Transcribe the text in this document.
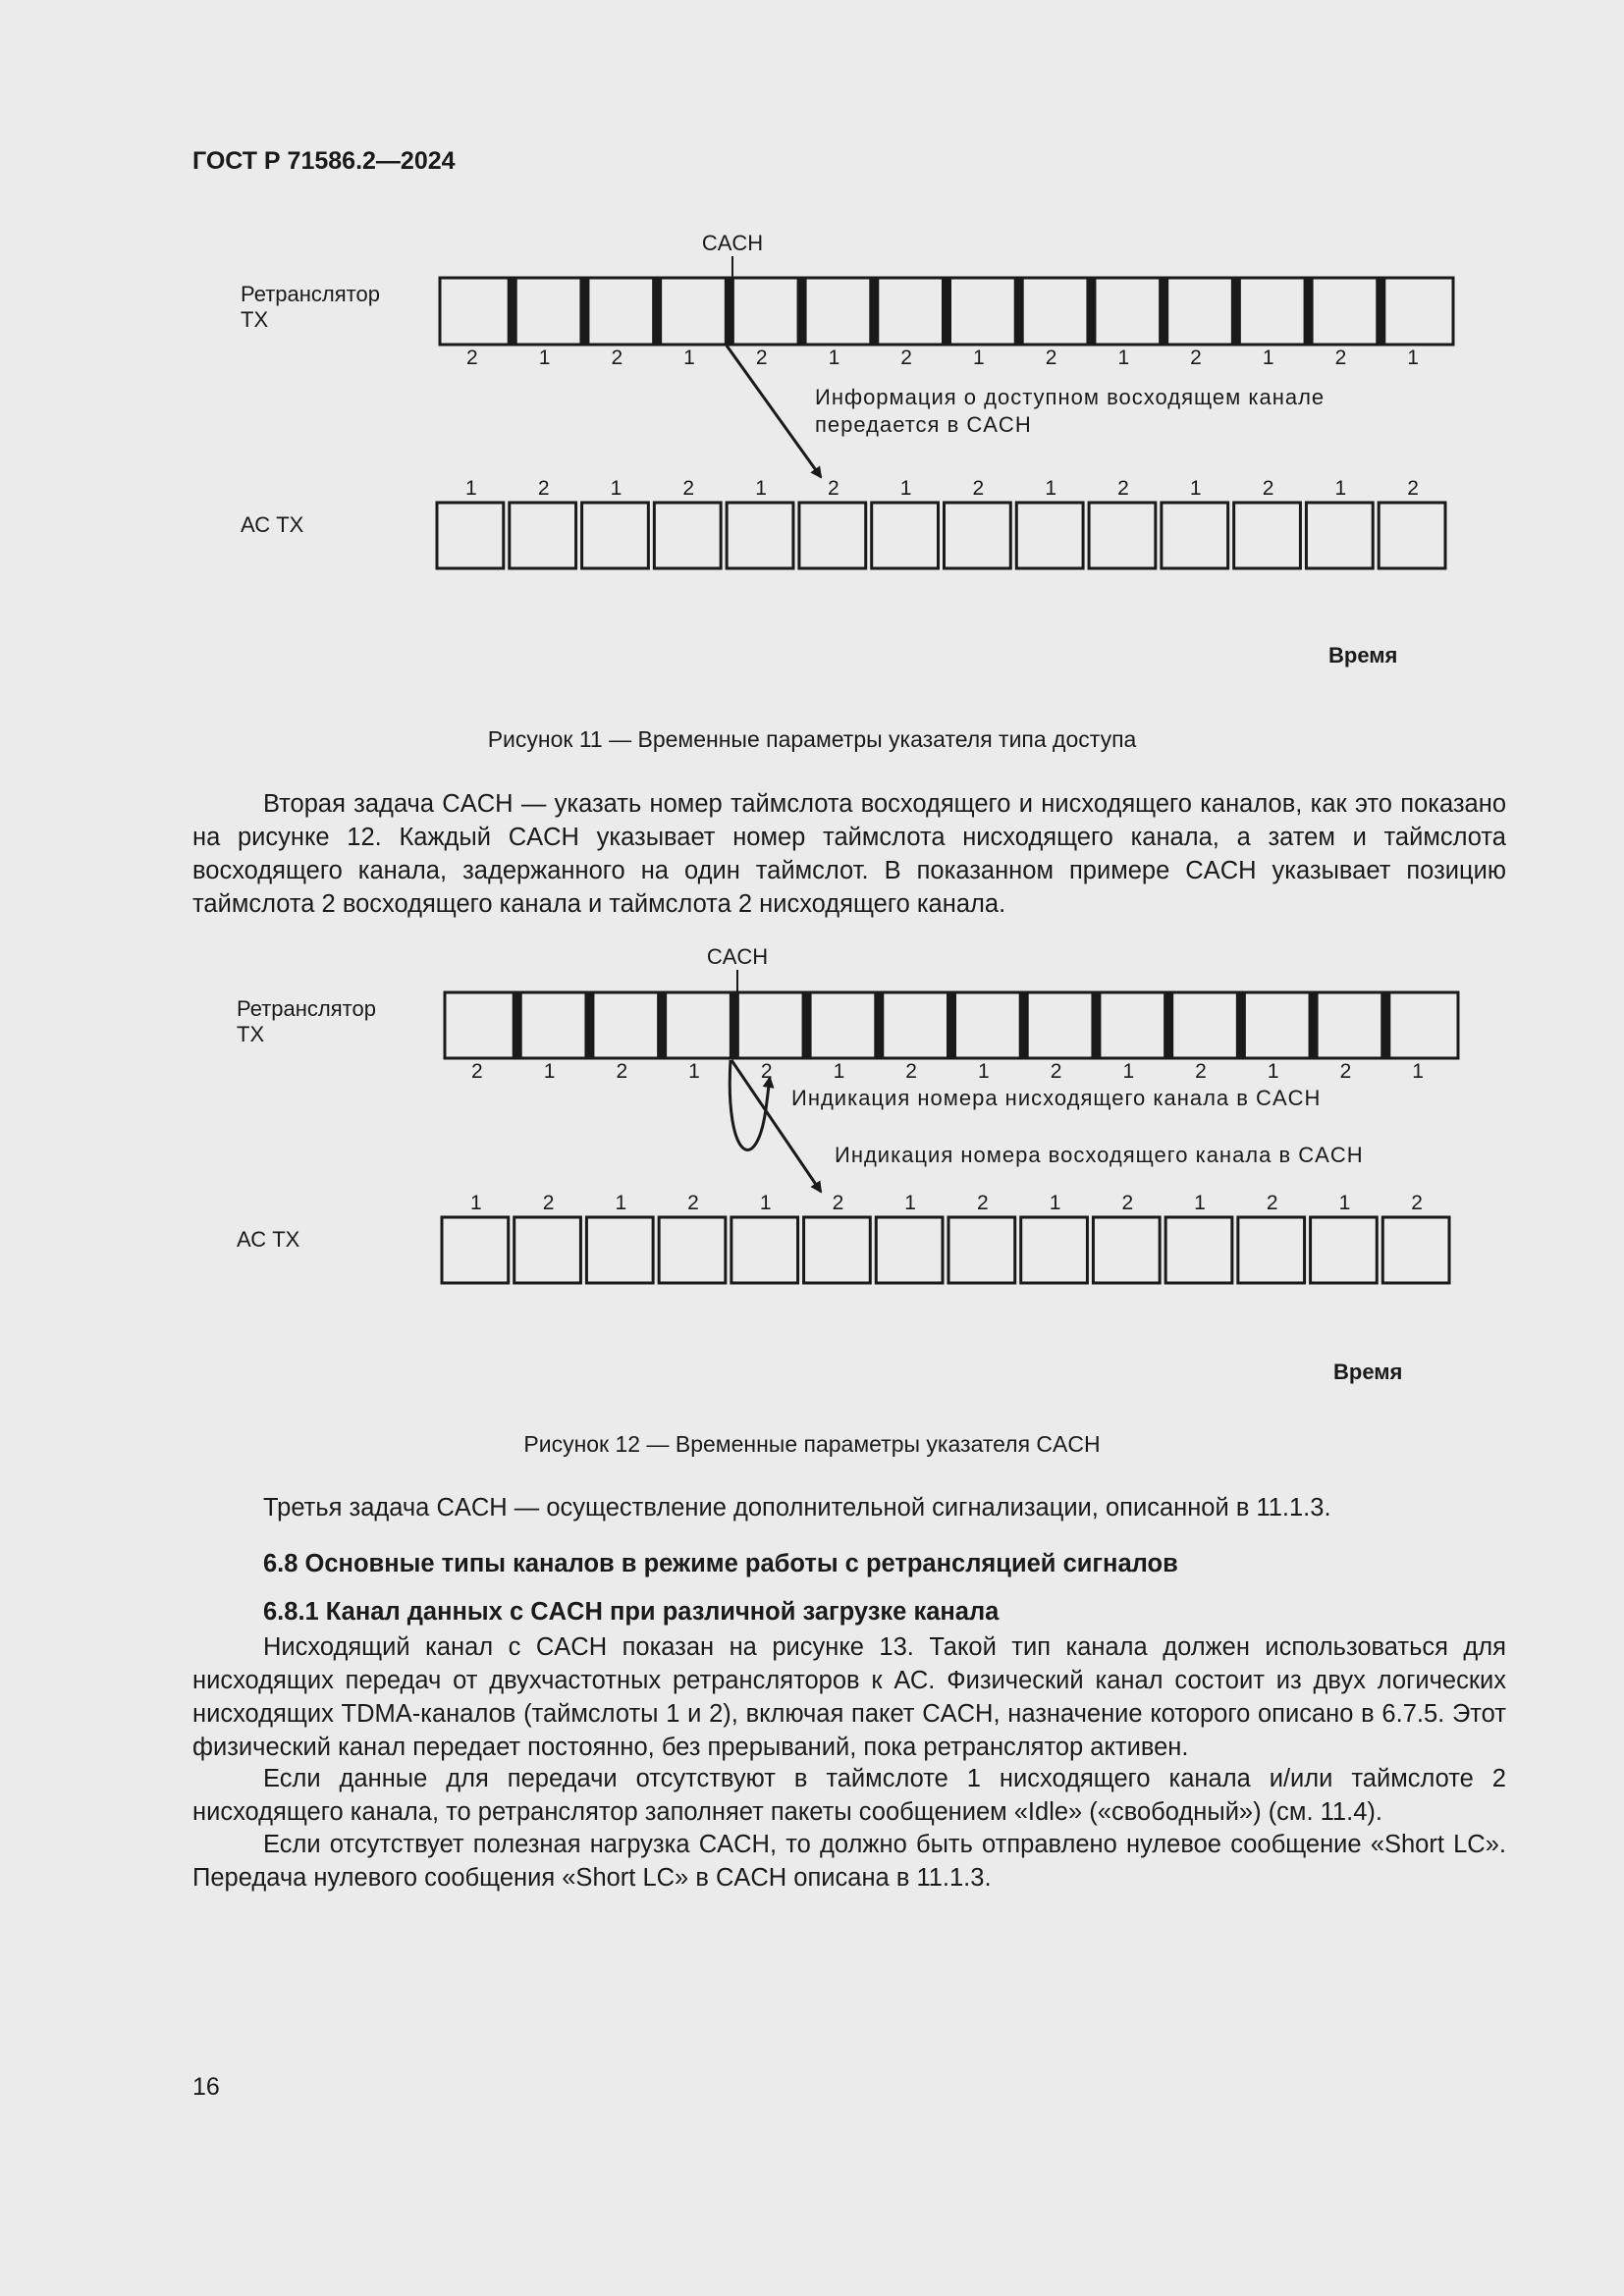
ГОСТ Р 71586.2—2024
CACH
Ретранслятор
TX
2	1	2	1	2	1	2	1	2	1	2	1	2	1
АС ТХ
1	2	1	2	1	2	1	2	1	2	1	2	1	2
Время
Информация о доступном восходящем канале
передается в CACH
CACH
Ретранслятор
TX
2	1	2	1	2	1	2	1	2	1	2	1	2	1
АС ТХ
1	2	1	2	1	2	1	2	1	2	1	2	1	2
Время
Индикация номера нисходящего канала в CACH
Индикация номера восходящего канала в CACH
Рисунок 11 — Временные параметры указателя типа доступа

Вторая задача CACH — указать номер таймслота восходящего и нисходящего каналов, как это показано на рисунке 12. Каждый CACH указывает номер таймслота нисходящего канала, а затем и таймслота восходящего канала, задержанного на один таймслот. В показанном примере CACH указывает позицию таймслота 2 восходящего канала и таймслота 2 нисходящего канала.

Рисунок 12 — Временные параметры указателя CACH

Третья задача CACH — осуществление дополнительной сигнализации, описанной в 11.1.3.

6.8 Основные типы каналов в режиме работы с ретрансляцией сигналов

6.8.1 Канал данных с CACH при различной загрузке канала

Нисходящий канал с CACH показан на рисунке 13. Такой тип канала должен использоваться для нисходящих передач от двухчастотных ретрансляторов к АС. Физический канал состоит из двух логических нисходящих TDMA-каналов (таймслоты 1 и 2), включая пакет CACH, назначение которого описано в 6.7.5. Этот физический канал передает постоянно, без прерываний, пока ретранслятор активен.

Если данные для передачи отсутствуют в таймслоте 1 нисходящего канала и/или таймслоте 2 нисходящего канала, то ретранслятор заполняет пакеты сообщением «Idle» («свободный») (см. 11.4).

Если отсутствует полезная нагрузка CACH, то должно быть отправлено нулевое сообщение «Short LC». Передача нулевого сообщения «Short LC» в CACH описана в 11.1.3.

16
